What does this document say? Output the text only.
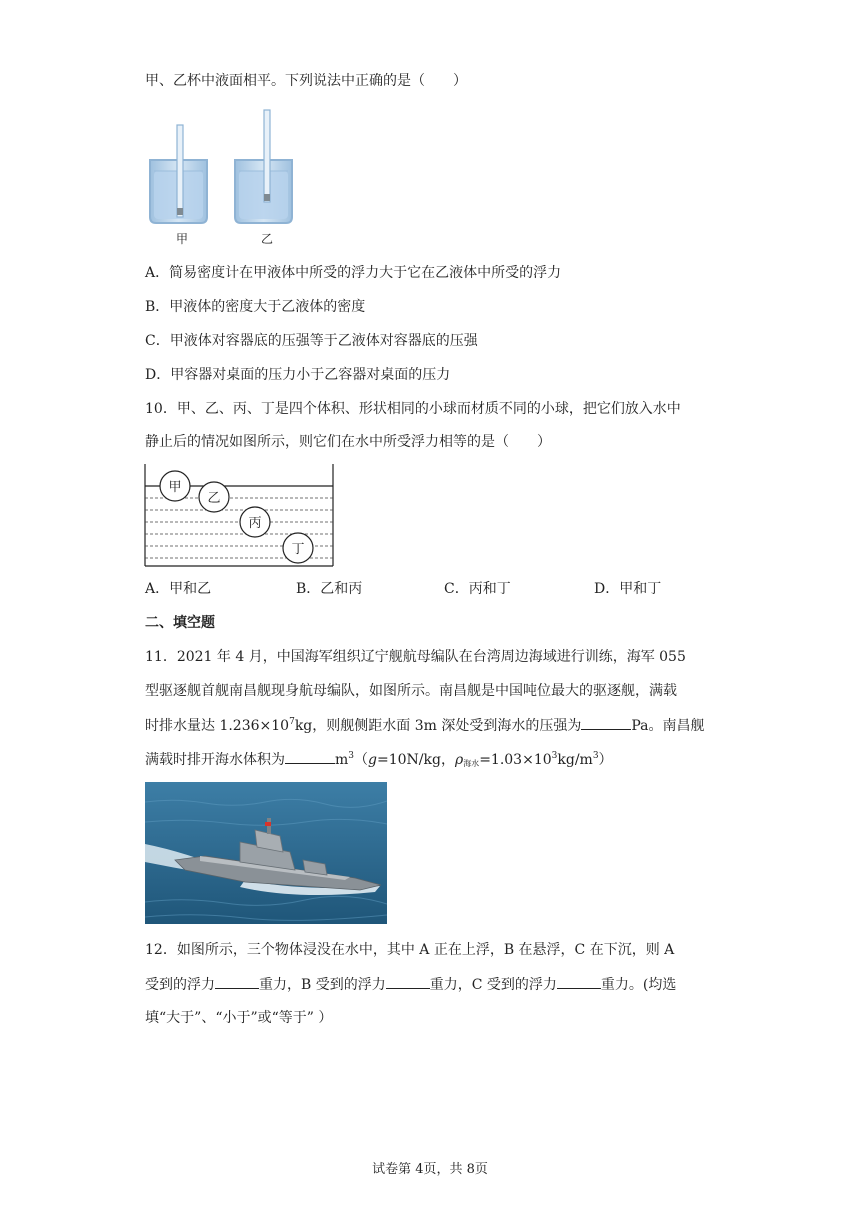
甲、乙杯中液面相平。下列说法中正确的是（　　）
甲	乙
A．简易密度计在甲液体中所受的浮力大于它在乙液体中所受的浮力
B．甲液体的密度大于乙液体的密度
C．甲液体对容器底的压强等于乙液体对容器底的压强
D．甲容器对桌面的压力小于乙容器对桌面的压力
10．甲、乙、丙、丁是四个体积、形状相同的小球而材质不同的小球，把它们放入水中
静止后的情况如图所示，则它们在水中所受浮力相等的是（　　）
甲
乙
丙
丁
A．甲和乙	B．乙和丙	C．丙和丁	D．甲和丁
二、填空题
11．2021 年 4 月，中国海军组织辽宁舰航母编队在台湾周边海域进行训练，海军 055
型驱逐舰首舰南昌舰现身航母编队，如图所示。南昌舰是中国吨位最大的驱逐舰，满载
时排水量达 $1.236\times 10^7kg$，则舰侧距水面 3m 深处受到海水的压强为	Pa。南昌舰
满载时排开海水体积为	$m^3(g=10N/kg$，$\rho_{海水}=1.03\times 10^3kg/m^3$）
12．如图所示，三个物体浸没在水中，其中 A 正在上浮，B 在悬浮，C 在下沉，则 A
受到的浮力	重力，B 受到的浮力	重力，C 受到的浮力	重力。(均选
填“大于”、“小于”或“等于” ）
试卷第 4页，共 8页
